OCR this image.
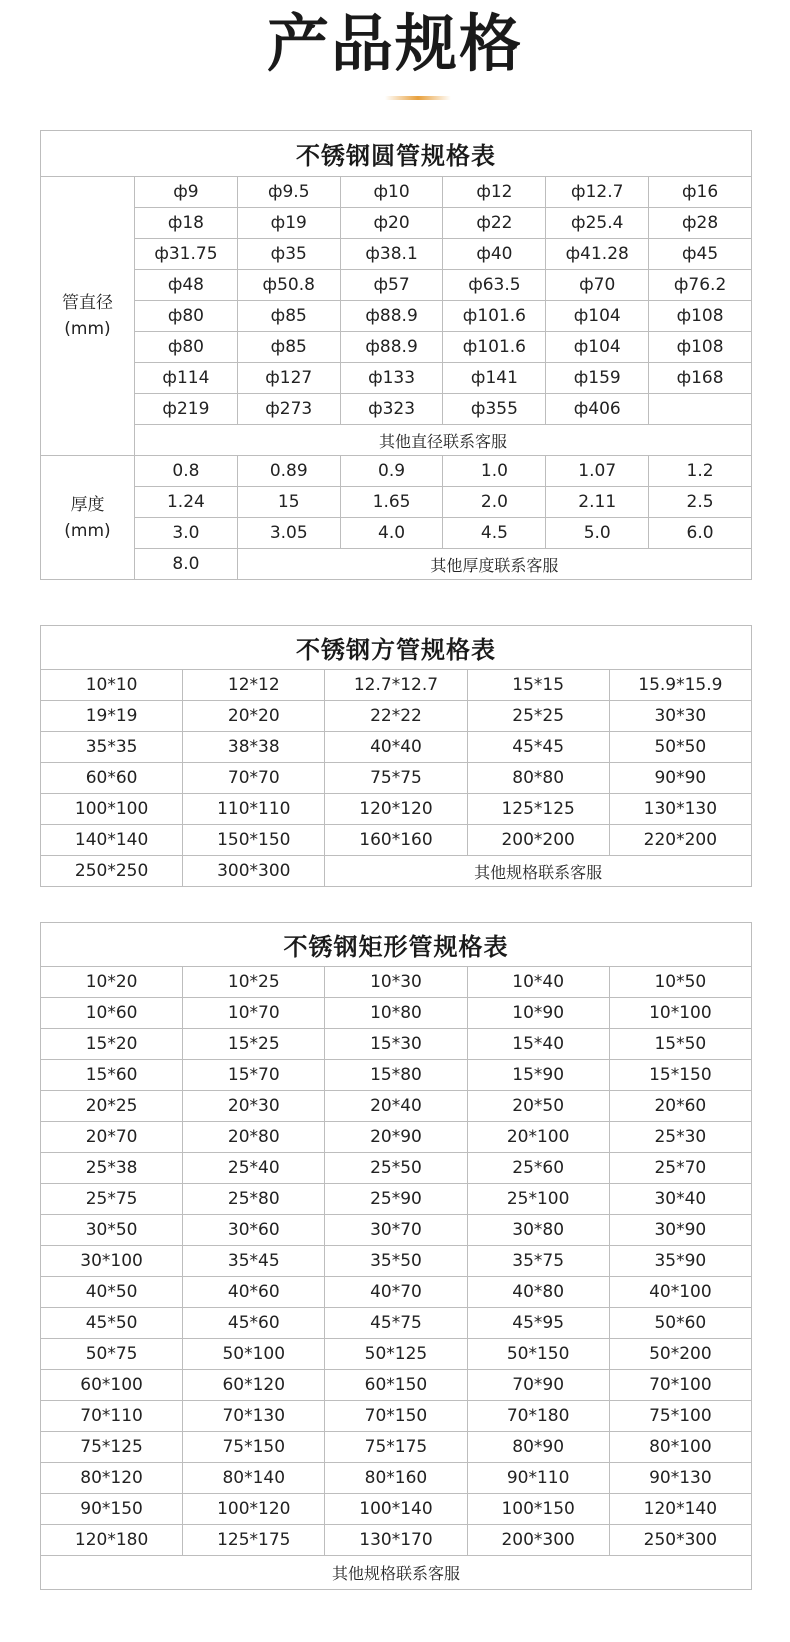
产品规格
不锈钢圆管规格表						
管直径
(mm)	ф9	ф9.5	ф10	ф12	ф12.7	ф16
	ф18	ф19	ф20	ф22	ф25.4	ф28
	ф31.75	ф35	ф38.1	ф40	ф41.28	ф45
	ф48	ф50.8	ф57	ф63.5	ф70	ф76.2
	ф80	ф85	ф88.9	ф101.6	ф104	ф108
	ф80	ф85	ф88.9	ф101.6	ф104	ф108
	ф114	ф127	ф133	ф141	ф159	ф168
	ф219	ф273	ф323	ф355	ф406	
	其他直径联系客服					
厚度
(mm)	0.8	0.89	0.9	1.0	1.07	1.2
	1.24	15	1.65	2.0	2.11	2.5
	3.0	3.05	4.0	4.5	5.0	6.0
	8.0	其他厚度联系客服				
不锈钢方管规格表				
10*10	12*12	12.7*12.7	15*15	15.9*15.9
19*19	20*20	22*22	25*25	30*30
35*35	38*38	40*40	45*45	50*50
60*60	70*70	75*75	80*80	90*90
100*100	110*110	120*120	125*125	130*130
140*140	150*150	160*160	200*200	220*200
250*250	300*300	其他规格联系客服		
不锈钢矩形管规格表				
10*20	10*25	10*30	10*40	10*50
10*60	10*70	10*80	10*90	10*100
15*20	15*25	15*30	15*40	15*50
15*60	15*70	15*80	15*90	15*150
20*25	20*30	20*40	20*50	20*60
20*70	20*80	20*90	20*100	25*30
25*38	25*40	25*50	25*60	25*70
25*75	25*80	25*90	25*100	30*40
30*50	30*60	30*70	30*80	30*90
30*100	35*45	35*50	35*75	35*90
40*50	40*60	40*70	40*80	40*100
45*50	45*60	45*75	45*95	50*60
50*75	50*100	50*125	50*150	50*200
60*100	60*120	60*150	70*90	70*100
70*110	70*130	70*150	70*180	75*100
75*125	75*150	75*175	80*90	80*100
80*120	80*140	80*160	90*110	90*130
90*150	100*120	100*140	100*150	120*140
120*180	125*175	130*170	200*300	250*300
其他规格联系客服				
